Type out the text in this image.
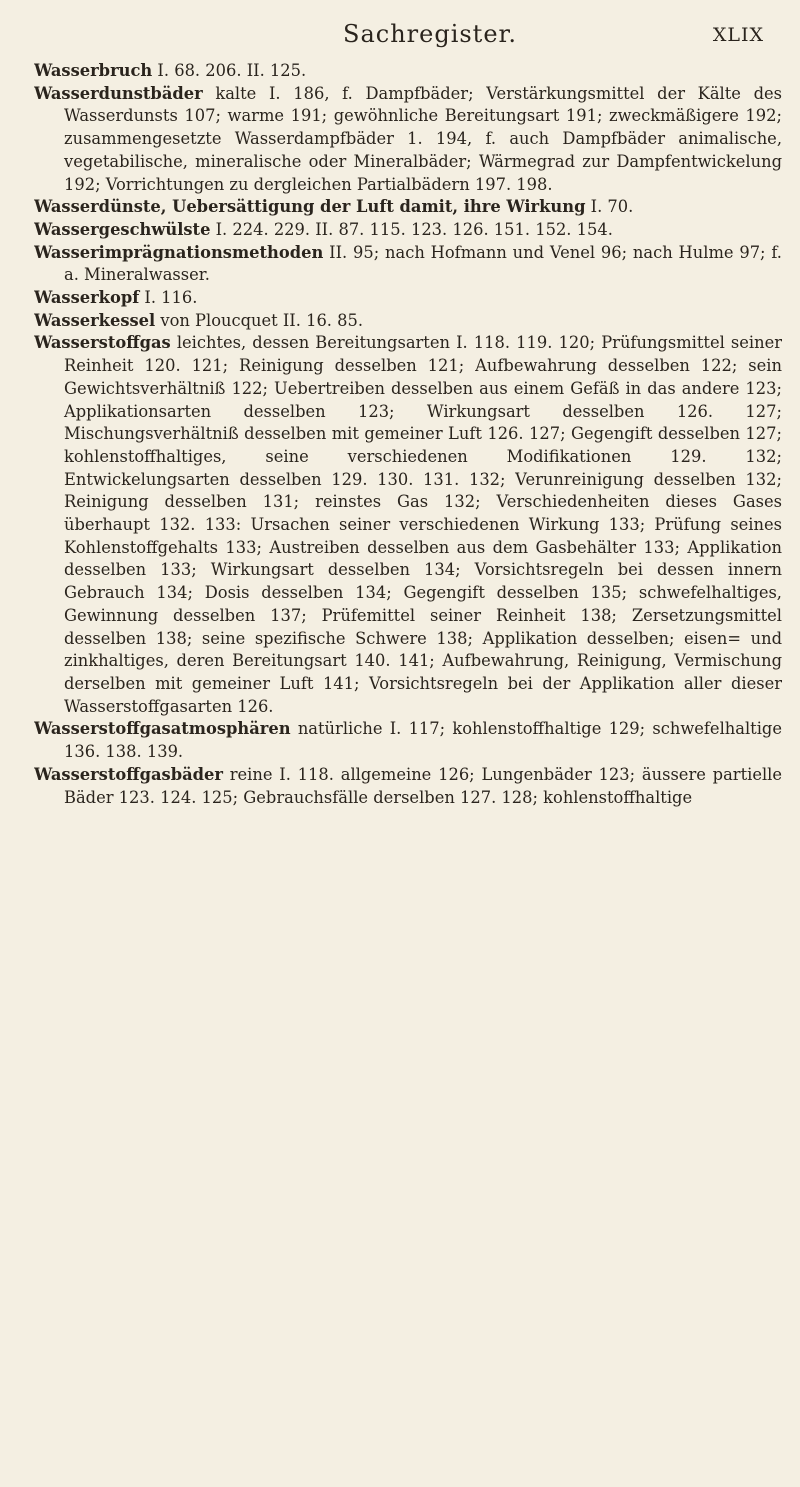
Sachregister.	XLIX

Wasserbruch I. 68. 206. II. 125.

Wasserdunstbäder kalte I. 186, f. Dampfbäder; Verstärkungsmittel der Kälte des Wasserdunsts 107; warme 191; gewöhnliche Bereitungsart 191; zweckmäßigere 192; zusammengesetzte Wasserdampfbäder 1. 194, f. auch Dampfbäder animalische, vegetabilische, mineralische oder Mineralbäder; Wärmegrad zur Dampfentwickelung 192; Vorrichtungen zu dergleichen Partialbädern 197. 198.

Wasserdünste, Uebersättigung der Luft damit, ihre Wirkung I. 70.

Wassergeschwülste I. 224. 229. II. 87. 115. 123. 126. 151. 152. 154.

Wasserimprägnationsmethoden II. 95; nach Hofmann und Venel 96; nach Hulme 97; f. a. Mineralwasser.

Wasserkopf I. 116.

Wasserkessel von Ploucquet II. 16. 85.

Wasserstoffgas leichtes, dessen Bereitungsarten I. 118. 119. 120; Prüfungsmittel seiner Reinheit 120. 121; Reinigung desselben 121; Aufbewahrung desselben 122; sein Gewichtsverhältniß 122; Uebertreiben desselben aus einem Gefäß in das andere 123; Applikationsarten desselben 123; Wirkungsart desselben 126. 127; Mischungsverhältniß desselben mit gemeiner Luft 126. 127; Gegengift desselben 127; kohlenstoffhaltiges, seine verschiedenen Modifikationen 129. 132; Entwickelungsarten desselben 129. 130. 131. 132; Verunreinigung desselben 132; Reinigung desselben 131; reinstes Gas 132; Verschiedenheiten dieses Gases überhaupt 132. 133: Ursachen seiner verschiedenen Wirkung 133; Prüfung seines Kohlenstoffgehalts 133; Austreiben desselben aus dem Gasbehälter 133; Applikation desselben 133; Wirkungsart desselben 134; Vorsichtsregeln bei dessen innern Gebrauch 134; Dosis desselben 134; Gegengift desselben 135; schwefelhaltiges, Gewinnung desselben 137; Prüfemittel seiner Reinheit 138; Zersetzungsmittel desselben 138; seine spezifische Schwere 138; Applikation desselben; eisen= und zinkhaltiges, deren Bereitungsart 140. 141; Aufbewahrung, Reinigung, Vermischung derselben mit gemeiner Luft 141; Vorsichtsregeln bei der Applikation aller dieser Wasserstoffgasarten 126.

Wasserstoffgasatmosphären natürliche I. 117; kohlenstoffhaltige 129; schwefelhaltige 136. 138. 139.

Wasserstoffgasbäder reine I. 118. allgemeine 126; Lungenbäder 123; äussere partielle Bäder 123. 124. 125; Gebrauchsfälle derselben 127. 128; kohlenstoffhaltige
